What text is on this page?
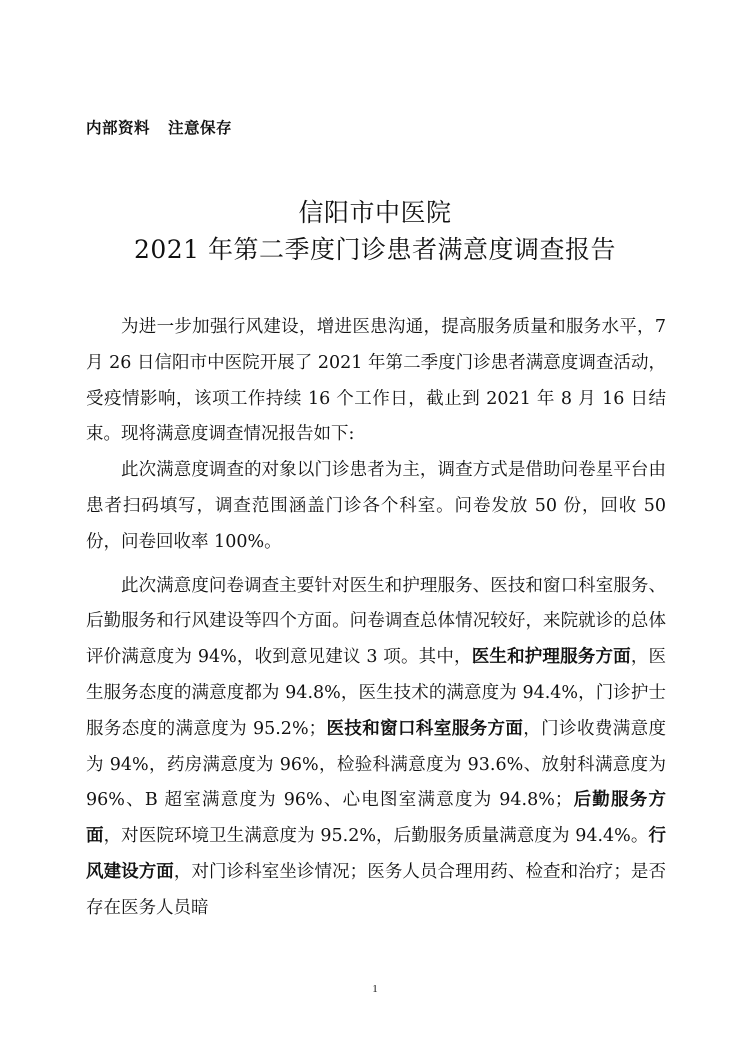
内部资料 注意保存
信阳市中医院
2021 年第二季度门诊患者满意度调查报告

为进一步加强行风建设，增进医患沟通，提高服务质量和服务水平，7 月 26 日信阳市中医院开展了 2021 年第二季度门诊患者满意度调查活动，受疫情影响，该项工作持续 16 个工作日，截止到 2021 年 8 月 16 日结束。现将满意度调查情况报告如下:

此次满意度调查的对象以门诊患者为主，调查方式是借助问卷星平台由患者扫码填写，调查范围涵盖门诊各个科室。问卷发放 50 份，回收 50 份，问卷回收率 100%。

此次满意度问卷调查主要针对医生和护理服务、医技和窗口科室服务、后勤服务和行风建设等四个方面。问卷调查总体情况较好，来院就诊的总体评价满意度为 94%，收到意见建议 3 项。其中，医生和护理服务方面，医生服务态度的满意度都为 94.8%，医生技术的满意度为 94.4%，门诊护士服务态度的满意度为 95.2%；医技和窗口科室服务方面，门诊收费满意度为 94%，药房满意度为 96%，检验科满意度为 93.6%、放射科满意度为 96%、B 超室满意度为 96%、心电图室满意度为 94.8%；后勤服务方面，对医院环境卫生满意度为 95.2%，后勤服务质量满意度为 94.4%。行风建设方面，对门诊科室坐诊情况；医务人员合理用药、检查和治疗；是否存在医务人员暗

1
